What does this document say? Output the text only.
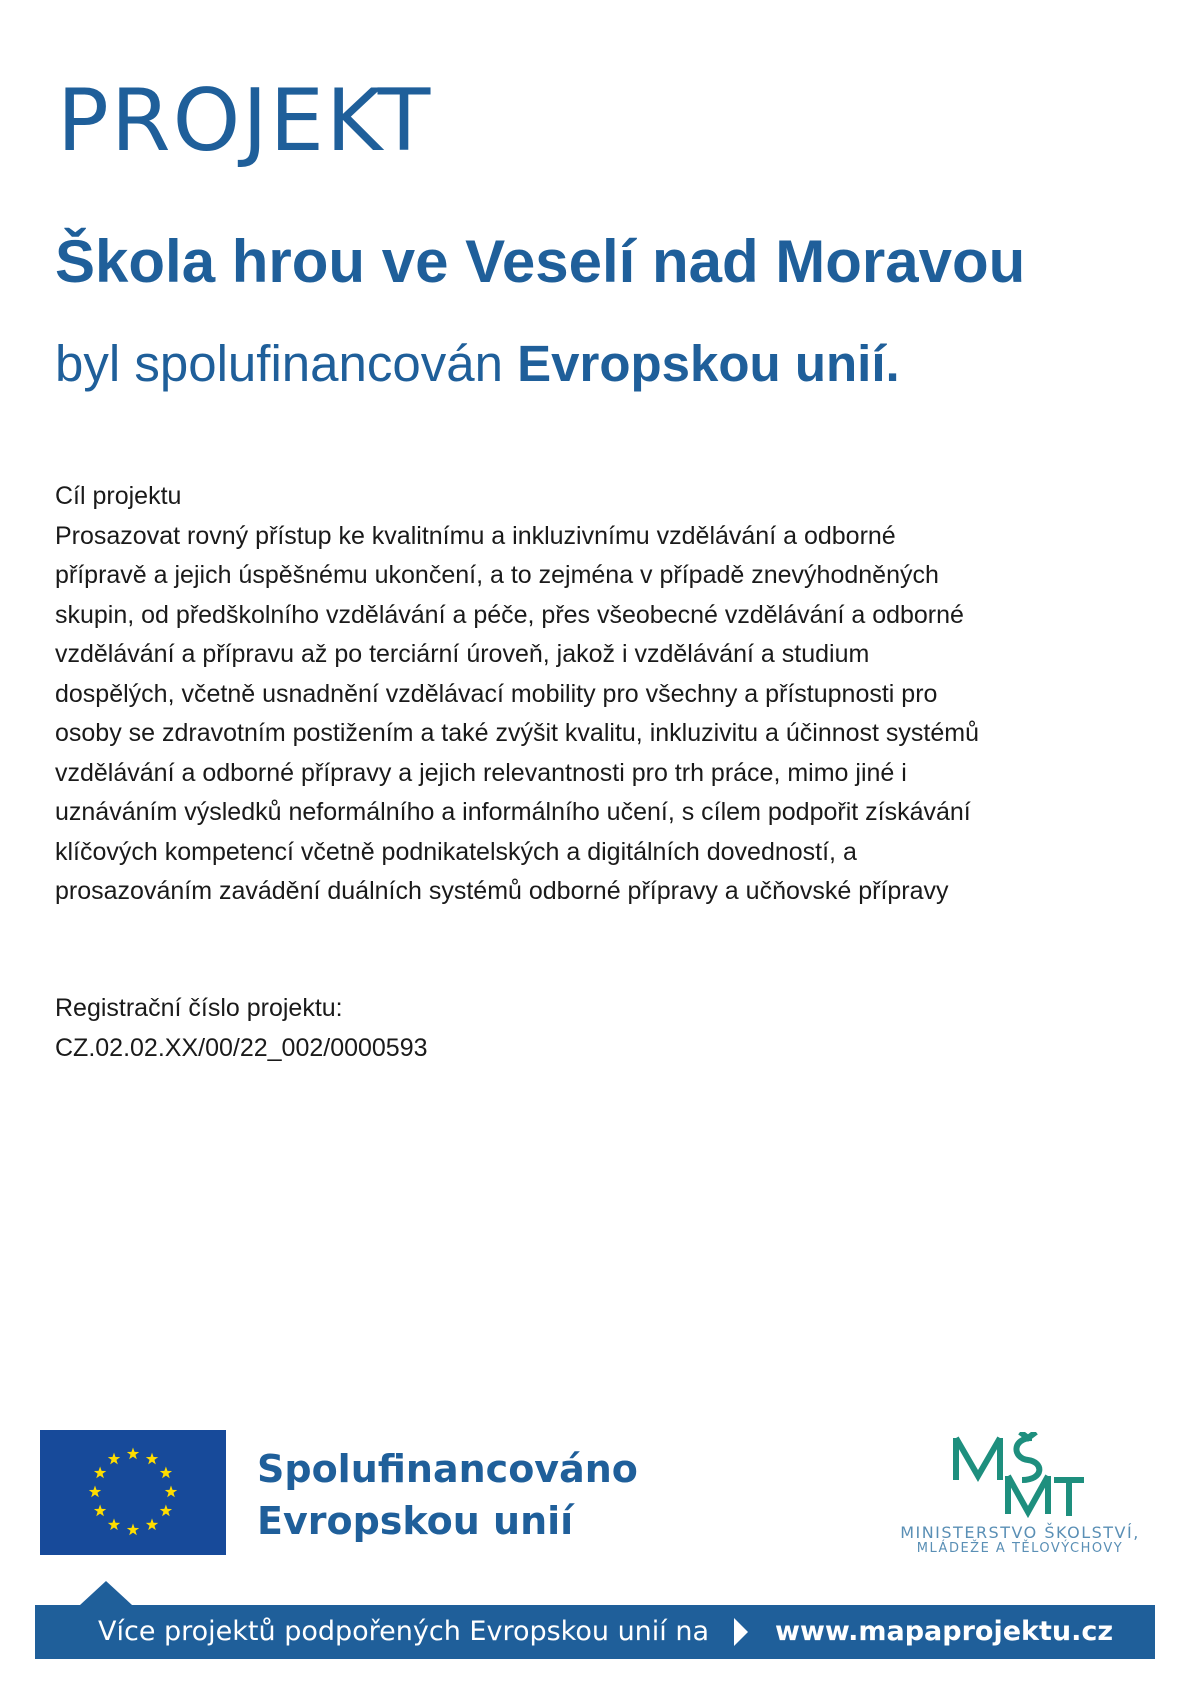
PROJEKT
Škola hrou ve Veselí nad Moravou
byl spolufinancován Evropskou unií.

Cíl projektu

Prosazovat rovný přístup ke kvalitnímu a inkluzivnímu vzdělávání a odborné

přípravě a jejich úspěšnému ukončení, a to zejména v případě znevýhodněných

skupin, od předškolního vzdělávání a péče, přes všeobecné vzdělávání a odborné

vzdělávání a přípravu až po terciární úroveň, jakož i vzdělávání a studium

dospělých, včetně usnadnění vzdělávací mobility pro všechny a přístupnosti pro

osoby se zdravotním postižením a také zvýšit kvalitu, inkluzivitu a účinnost systémů

vzdělávání a odborné přípravy a jejich relevantnosti pro trh práce, mimo jiné i

uznáváním výsledků neformálního a informálního učení, s cílem podpořit získávání

klíčových kompetencí včetně podnikatelských a digitálních dovedností, a

prosazováním zavádění duálních systémů odborné přípravy a učňovské přípravy

Registrační číslo projektu:

CZ.02.02.XX/00/22_002/0000593

Spolufinancováno
Evropskou unií	MINISTERSTVO ŠKOLSTVÍ,
MLÁDEŽE A TĚLOVÝCHOVY
Více projektů podpořených Evropskou unií na www.mapaprojektu.cz
